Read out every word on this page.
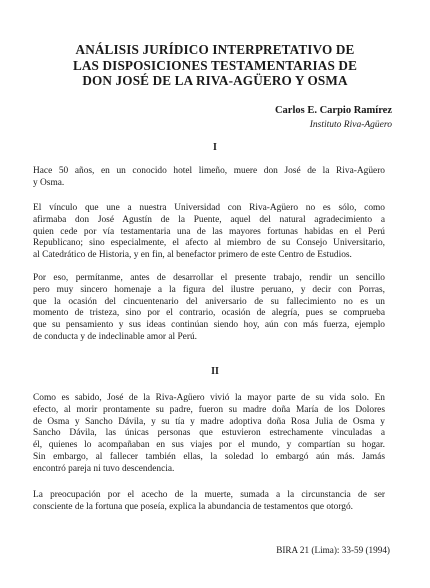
ANÁLISIS JURÍDICO INTERPRETATIVO DE
LAS DISPOSICIONES TESTAMENTARIAS DE
DON JOSÉ DE LA RIVA-AGÜERO Y OSMA
Carlos E. Carpio Ramírez
Instituto Riva-Agüero
I

Hace 50 años, en un conocido hotel limeño, muere don José de la Riva-Agüero
y Osma.

El vínculo que une a nuestra Universidad con Riva-Agüero no es sólo, como
afirmaba don José Agustín de la Puente, aquel del natural agradecimiento a
quien cede por vía testamentaria una de las mayores fortunas habidas en el Perú
Republicano; sino especialmente, el afecto al miembro de su Consejo Universitario,
al Catedrático de Historia, y en fin, al benefactor primero de este Centro de Estudios.

Por eso, permítanme, antes de desarrollar el presente trabajo, rendir un sencillo
pero muy sincero homenaje a la figura del ilustre peruano, y decir con Porras,
que la ocasión del cincuentenario del aniversario de su fallecimiento no es un
momento de tristeza, sino por el contrario, ocasión de alegría, pues se comprueba
que su pensamiento y sus ideas continúan siendo hoy, aún con más fuerza, ejemplo
de conducta y de indeclinable amor al Perú.

II

Como es sabido, José de la Riva-Agüero vivió la mayor parte de su vida solo. En
efecto, al morir prontamente su padre, fueron su madre doña María de los Dolores
de Osma y Sancho Dávila, y su tía y madre adoptiva doña Rosa Julia de Osma y
Sancho Dávila, las únicas personas que estuvieron estrechamente vinculadas a
él, quienes lo acompañaban en sus viajes por el mundo, y compartían su hogar.
Sin embargo, al fallecer también ellas, la soledad lo embargó aún más. Jamás
encontró pareja ni tuvo descendencia.

La preocupación por el acecho de la muerte, sumada a la circunstancia de ser
consciente de la fortuna que poseía, explica la abundancia de testamentos que otorgó.

BIRA 21 (Lima): 33-59 (1994)
